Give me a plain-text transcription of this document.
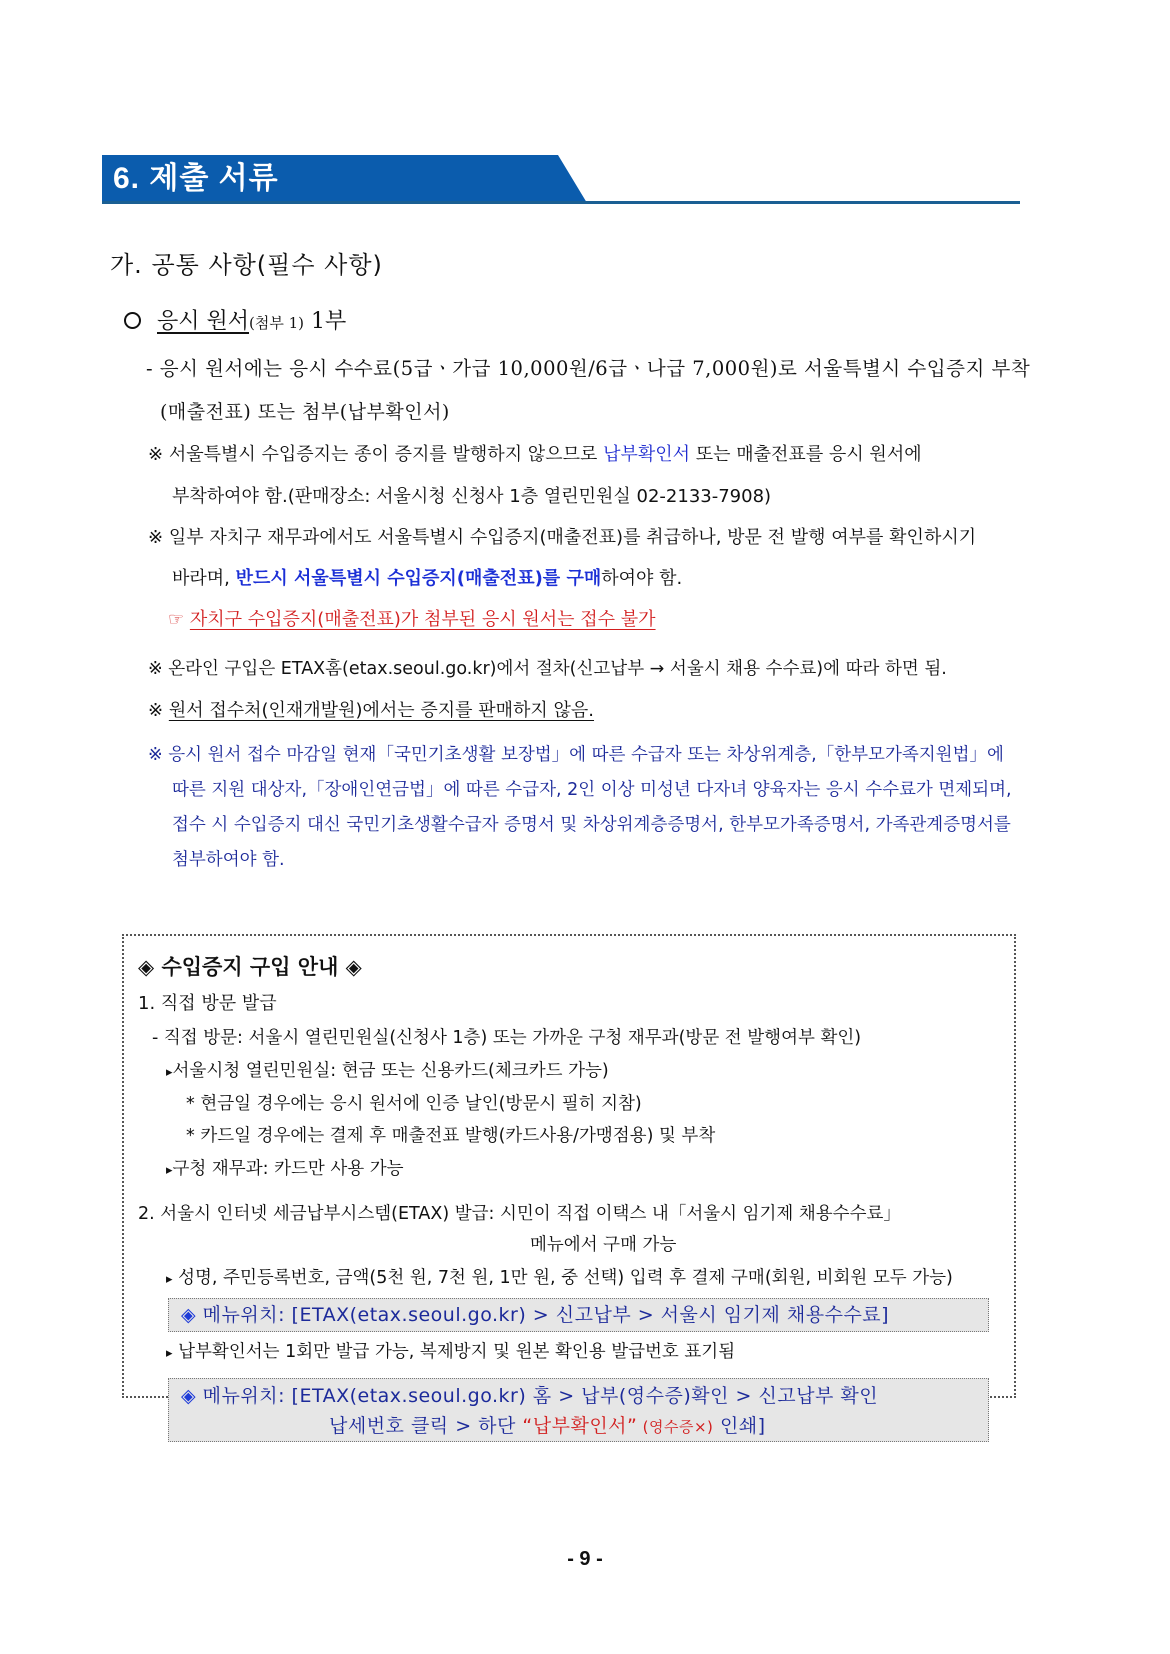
6. 제출 서류
가. 공통 사항(필수 사항)
응시 원서(첨부 1) 1부
- 응시 원서에는 응시 수수료(5급ㆍ가급 10,000원/6급ㆍ나급 7,000원)로 서울특별시 수입증지 부착
(매출전표) 또는 첨부(납부확인서)
※ 서울특별시 수입증지는 종이 증지를 발행하지 않으므로 납부확인서 또는 매출전표를 응시 원서에
부착하여야 함.(판매장소: 서울시청 신청사 1층 열린민원실 02-2133-7908)
※ 일부 자치구 재무과에서도 서울특별시 수입증지(매출전표)를 취급하나, 방문 전 발행 여부를 확인하시기
바라며, 반드시 서울특별시 수입증지(매출전표)를 구매하여야 함.
☞ 자치구 수입증지(매출전표)가 첨부된 응시 원서는 접수 불가
※ 온라인 구입은 ETAX홈(etax.seoul.go.kr)에서 절차(신고납부 → 서울시 채용 수수료)에 따라 하면 됨.
※ 원서 접수처(인재개발원)에서는 증지를 판매하지 않음.
※ 응시 원서 접수 마감일 현재「국민기초생활 보장법」에 따른 수급자 또는 차상위계층,「한부모가족지원법」에
따른 지원 대상자,「장애인연금법」에 따른 수급자, 2인 이상 미성년 다자녀 양육자는 응시 수수료가 면제되며,
접수 시 수입증지 대신 국민기초생활수급자 증명서 및 차상위계층증명서, 한부모가족증명서, 가족관계증명서를
첨부하여야 함.
◈ 수입증지 구입 안내 ◈
1. 직접 방문 발급
- 직접 방문: 서울시 열린민원실(신청사 1층) 또는 가까운 구청 재무과(방문 전 발행여부 확인)
▸서울시청 열린민원실: 현금 또는 신용카드(체크카드 가능)
* 현금일 경우에는 응시 원서에 인증 날인(방문시 필히 지참)
* 카드일 경우에는 결제 후 매출전표 발행(카드사용/가맹점용) 및 부착
▸구청 재무과: 카드만 사용 가능
2. 서울시 인터넷 세금납부시스템(ETAX) 발급: 시민이 직접 이택스 내「서울시 임기제 채용수수료」
메뉴에서 구매 가능
▸ 성명, 주민등록번호, 금액(5천 원, 7천 원, 1만 원, 중 선택) 입력 후 결제 구매(회원, 비회원 모두 가능)
◈ 메뉴위치: [ETAX(etax.seoul.go.kr) > 신고납부 > 서울시 임기제 채용수수료]
▸ 납부확인서는 1회만 발급 가능, 복제방지 및 원본 확인용 발급번호 표기됨
◈ 메뉴위치: [ETAX(etax.seoul.go.kr) 홈 > 납부(영수증)확인 > 신고납부 확인
납세번호 클릭 > 하단 “납부확인서” (영수증×) 인쇄]
- 9 -
